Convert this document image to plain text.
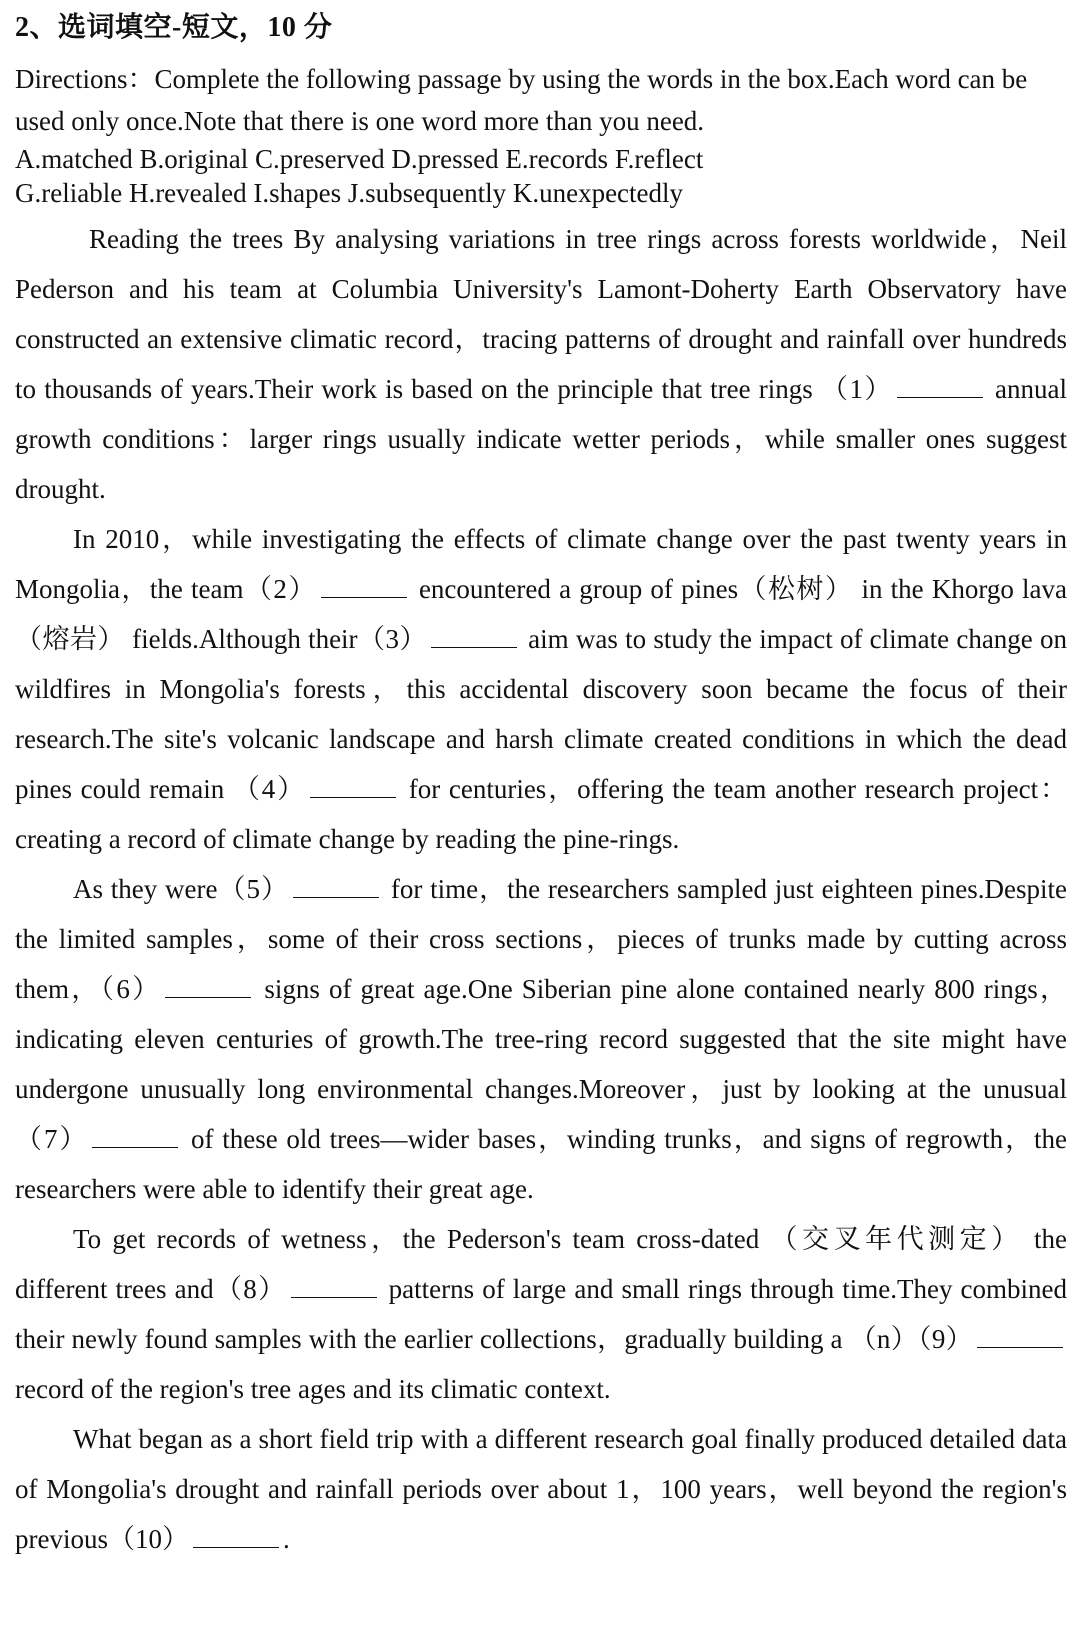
2、选词填空-短文，10 分

Directions：Complete the following passage by using the words in the box.Each word can be used only once.Note that there is one word more than you need.

A.matched B.original C.preserved D.pressed E.records F.reflect
G.reliable H.revealed I.shapes J.subsequently K.unexpectedly

Reading the trees By analysing variations in tree rings across forests worldwide，Neil Pederson and his team at Columbia University's Lamont-Doherty Earth Observatory have constructed an extensive climatic record，tracing patterns of drought and rainfall over hundreds to thousands of years.Their work is based on the principle that tree rings （1）	annual growth conditions：larger rings usually indicate wetter periods，while smaller ones suggest drought.

In 2010，while investigating the effects of climate change over the past twenty years in Mongolia，the team（2）	encountered a group of pines（松树） in the Khorgo lava （熔岩） fields.Although their（3）	aim was to study the impact of climate change on wildfires in Mongolia's forests，this accidental discovery soon became the focus of their research.The site's volcanic landscape and harsh climate created conditions in which the dead pines could remain （4）	for centuries，offering the team another research project：creating a record of climate change by reading the pine-rings.

As they were（5）	for time，the researchers sampled just eighteen pines.Despite the limited samples，some of their cross sections，pieces of trunks made by cutting across them，（6）	signs of great age.One Siberian pine alone contained nearly 800 rings，indicating eleven centuries of growth.The tree-ring record suggested that the site might have undergone unusually long environmental changes.Moreover，just by looking at the unusual（7）	of these old trees—wider bases，winding trunks，and signs of regrowth，the researchers were able to identify their great age.

To get records of wetness，the Pederson's team cross-dated （交叉年代测定） the different trees and（8）	patterns of large and small rings through time.They combined their newly found samples with the earlier collections，gradually building a （n）（9） record of the region's tree ages and its climatic context.

What began as a short field trip with a different research goal finally produced detailed data of Mongolia's drought and rainfall periods over about 1，100 years，well beyond the region's previous（10）	.
